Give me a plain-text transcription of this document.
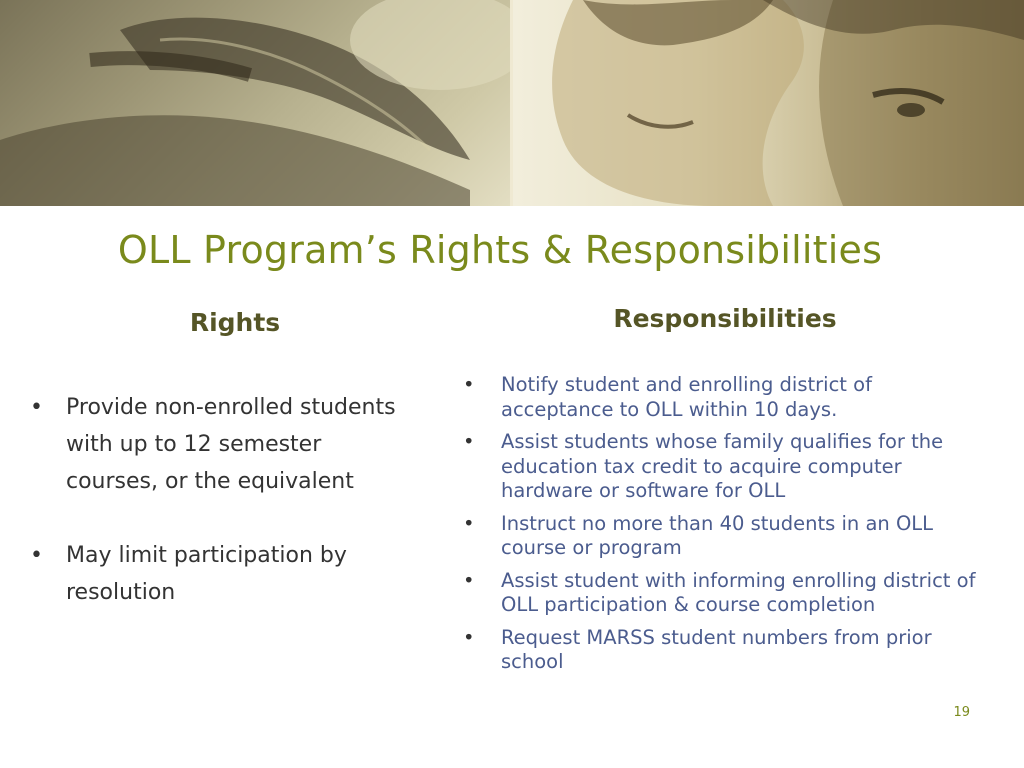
OLL Program’s Rights & Responsibilities
Rights	Responsibilities
• Provide non-enrolled students with up to 12 semester courses, or the equivalent
• May limit participation by resolution
• Notify student and enrolling district of acceptance to OLL within 10 days.
• Assist students whose family qualifies for the education tax credit to acquire computer hardware or software for OLL
• Instruct no more than 40 students in an OLL course or program
• Assist student with informing enrolling district of OLL participation & course completion
• Request MARSS student numbers from prior school
19
